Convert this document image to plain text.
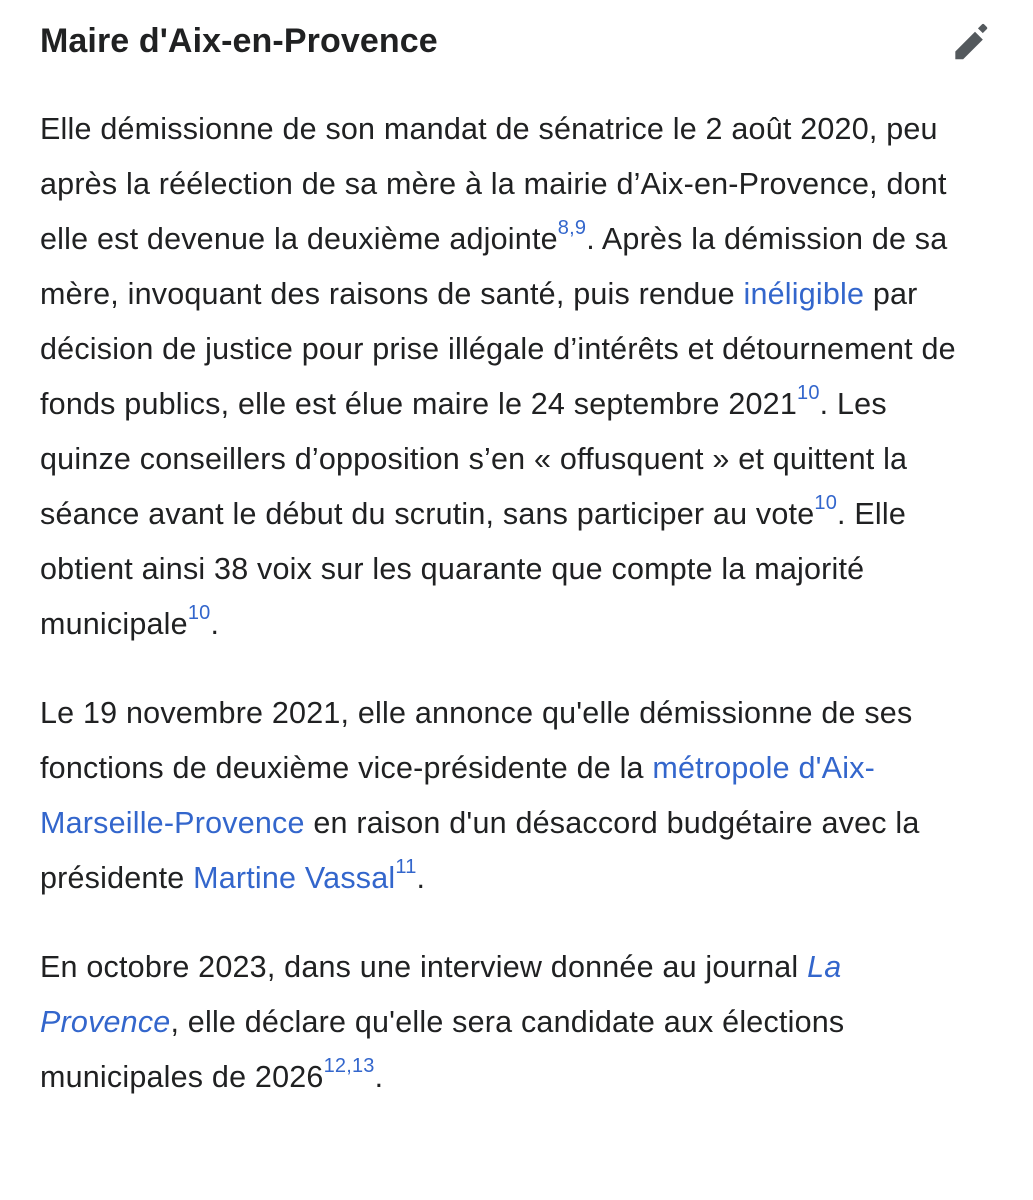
Maire d'Aix-en-Provence

Elle démissionne de son mandat de sénatrice le 2 août 2020, peu après la réélection de sa mère à la mairie d’Aix-en-Provence, dont elle est devenue la deuxième adjointe$^{8,9}$. Après la démission de sa mère, invoquant des raisons de santé, puis rendue inéligible par décision de justice pour prise illégale d’intérêts et détournement de fonds publics, elle est élue maire le 24 septembre 2021$^{10}$. Les quinze conseillers d’opposition s’en « offusquent » et quittent la séance avant le début du scrutin, sans participer au vote$^{10}$. Elle obtient ainsi 38 voix sur les quarante que compte la majorité municipale$^{10}$.

Le 19 novembre 2021, elle annonce qu'elle démissionne de ses fonctions de deuxième vice-présidente de la métropole d'Aix-Marseille-Provence en raison d'un désaccord budgétaire avec la présidente Martine Vassal$^{11}$.

En octobre 2023, dans une interview donnée au journal La Provence, elle déclare qu'elle sera candidate aux élections municipales de 2026$^{12,13}$.
